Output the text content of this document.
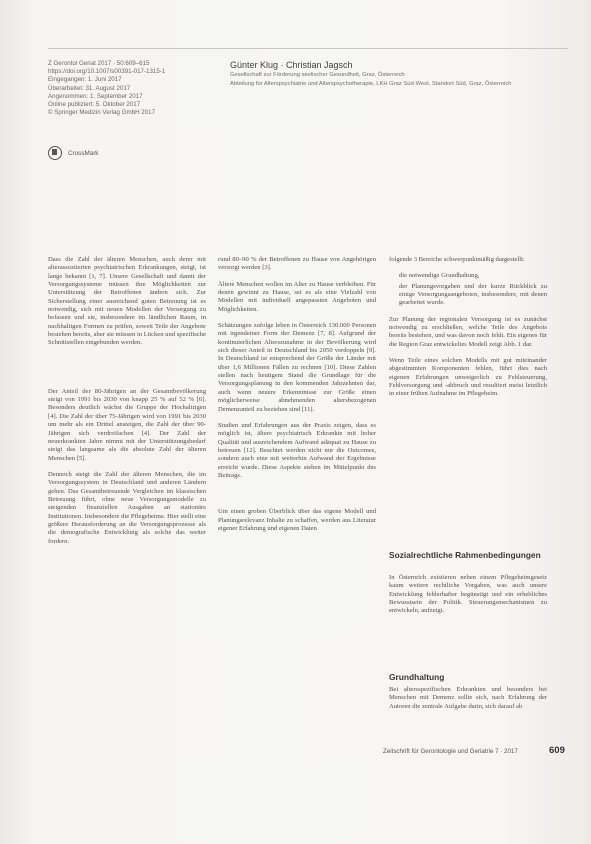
Z Gerontol Geriat 2017 · 50:609–615
https://doi.org/10.1007/s00391-017-1315-1
Eingegangen: 1. Juni 2017
Überarbeitet: 31. August 2017
Angenommen: 1. September 2017
Online publiziert: 5. Oktober 2017
© Springer Medizin Verlag GmbH 2017
CrossMark
Günter Klug · Christian Jagsch
Gesellschaft zur Förderung seelischer Gesundheit, Graz, Österreich
Abteilung für Alterspsychiatrie und Alterspsychotherapie, LKH Graz Süd-West, Standort Süd, Graz, Österreich

Dass die Zahl der älteren Menschen, auch derer mit alterassoziierten psychiatrischen Erkrankungen, steigt, ist lange bekannt [1, 7]. Unsere Gesellschaft und damit der Versorgungssysteme müssen ihre Möglichkeiten zur Unterstützung der Betroffenen ändern sich. Zur Sicherstellung einer ausreichend guten Betreuung ist es notwendig, sich mit neuen Modellen der Versorgung zu befassen und sie, insbesondere im ländlichen Raum, in nachhaltigen Formen zu prüfen, soweit Teile der Angebote bestehen bereits, aber sie müssen in Lücken und spezifische Schnittstellen eingebunden werden.

Der Anteil der 80-Jährigen an der Gesamtbevölkerung steigt von 1991 bis 2030 von knapp 25 % auf 52 % [6]. Besonders deutlich wächst die Gruppe der Hochaltrigen [4]. Die Zahl der über 75-Jährigen wird von 1991 bis 2030 um mehr als ein Drittel ansteigen, die Zahl der über 90-Jährigen sich verdreifachen [4]. Der Zahl der neuerkrankten Jahre nimmt mit der Unterstützungsbedarf steigt das langsame als die absolute Zahl der älteren Menschen [5].

Dennoch steigt die Zahl der älteren Menschen, die im Versorgungssystem in Deutschland und anderen Ländern gehen. Das Gesamtbetreuende Vergleichen im klassischen Betreuung führt, ohne neue Versorgungsmodelle zu steigenden finanziellen Ausgaben an stationäre Institutionen. Insbesondere die Pflegeheime. Hier stellt eine größere Herausforderung an die Versorgungsprozesse als die demografische Entwicklung als solche das weiter fordern.

rund 80–90 % der Betroffenen zu Hause von Angehörigen versorgt werden [3].

Ältere Menschen wollen im Alter zu Hause verbleiben. Für denen gewinnt zu Hause, sei es als eine Vielzahl von Modellen mit individuell angepassten Angeboten und Möglichkeiten.

Schätzungen zufolge leben in Österreich 130.000 Personen mit irgendeiner Form der Demenz [7, 8]. Aufgrund der kontinuierlichen Alterszunahme in der Bevölkerung wird sich dieser Anteil in Deutschland bis 2050 verdoppeln [9]. In Deutschland ist entsprechend der Größe der Länder mit über 1,6 Millionen Fällen zu rechnen [10]. Diese Zahlen stellen nach heutigem Stand die Grundlage für die Versorgungsplanung in den kommenden Jahrzehnten dar, auch wenn neuere Erkenntnisse zur Größe einen möglicherweise abnehmenden altersbezogenen Demenzanteil zu beziehen sind [11].

Studien und Erfahrungen aus der Praxis zeigen, dass es möglich ist, ältere psychiatrisch Erkrankte mit hoher Qualität und ausreichendem Aufwand adäquat zu Hause zu betreuen [12]. Beachtet werden nicht nur die Outcomes, sondern auch eine mit weiterhin Aufwand der Ergebnisse erreicht wurde. Diese Aspekte stehen im Mittelpunkt des Beitrags.

Um einen groben Überblick über das eigene Modell und Planungsrelevanz Inhalte zu schaffen, werden aus Literatur eigener Erfahrung und eigenen Daten

folgende 3 Bereiche schwerpunktmäßig dargestellt:

die notwendige Grundhaltung,

der Planungsvorgaben und der kurze Rückblick zu einige Versorgungsangeboten, insbesondere, mit denen gearbeitet wurde.

Zur Planung der regionalen Versorgung ist es zunächst notwendig zu erschließen, welche Teile des Angebots bereits bestehen, und was davon noch fehlt. Ein eigenes für die Region Graz entwickeltes Modell zeigt Abb. 1 dar.

Wenn Teile eines solchen Modells mit gut miteinander abgestimmten Komponenten fehlen, führt dies nach eigenen Erfahrungen unweigerlich zu Fehlsteuerung, Fehlversorgung und -abbruch und resultiert meist letztlich in einer frühen Aufnahme im Pflegeheim.

Sozialrechtliche Rahmenbedingungen

In Österreich existieren neben einem Pflegeheimgesetz kaum weitere rechtliche Vorgaben, was auch unsere Entwicklung fehlerhafter begünstigt und ein erhebliches Bewusstsein der Politik. Steuerungsmechanismen zu entwickeln, aufzeigt.

Grundhaltung

Bei altersspezifischen Erkrankten und besonders bei Menschen mit Demenz sollte sich, nach Erfahrung der Autoren die zentrale Aufgabe darin, sich darauf ab

Zeitschrift für Gerontologie und Geriatrie 7 · 2017	609
